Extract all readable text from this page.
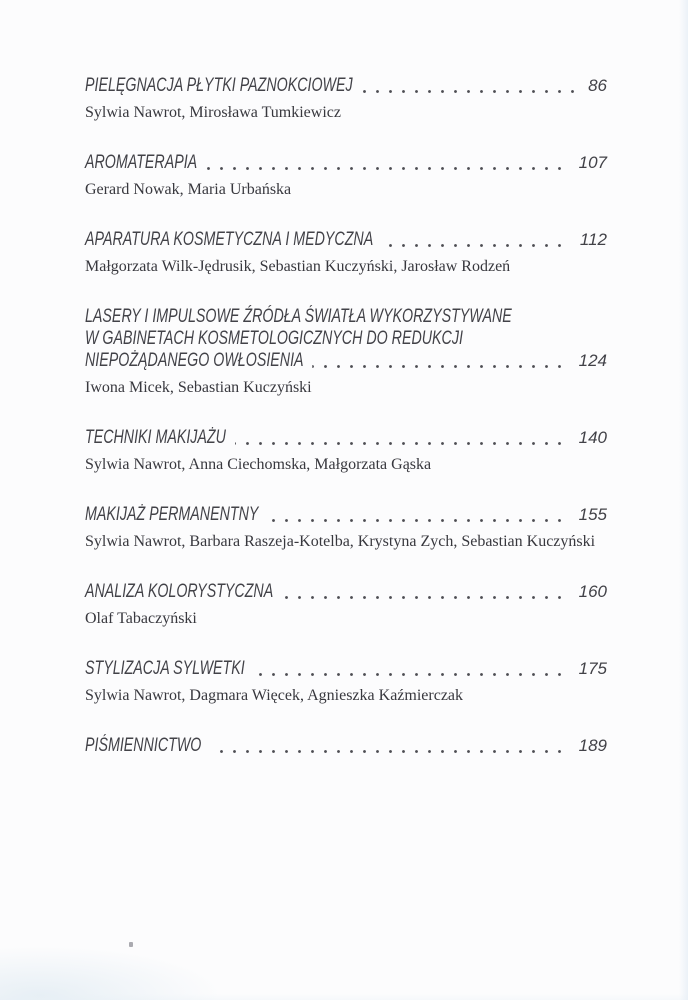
PIELĘGNACJA PŁYTKI PAZNOKCIOWEJ	86
Sylwia Nawrot, Mirosława Tumkiewicz
AROMATERAPIA	107
Gerard Nowak, Maria Urbańska
APARATURA KOSMETYCZNA I MEDYCZNA	112
Małgorzata Wilk-Jędrusik, Sebastian Kuczyński, Jarosław Rodzeń
LASERY I IMPULSOWE ŹRÓDŁA ŚWIATŁA WYKORZYSTYWANE
W GABINETACH KOSMETOLOGICZNYCH DO REDUKCJI
NIEPOŻĄDANEGO OWŁOSIENIA	124
Iwona Micek, Sebastian Kuczyński
TECHNIKI MAKIJAŻU	140
Sylwia Nawrot, Anna Ciechomska, Małgorzata Gąska
MAKIJAŻ PERMANENTNY	155
Sylwia Nawrot, Barbara Raszeja-Kotelba, Krystyna Zych, Sebastian Kuczyński
ANALIZA KOLORYSTYCZNA	160
Olaf Tabaczyński
STYLIZACJA SYLWETKI	175
Sylwia Nawrot, Dagmara Więcek, Agnieszka Kaźmierczak
PIŚMIENNICTWO	189
